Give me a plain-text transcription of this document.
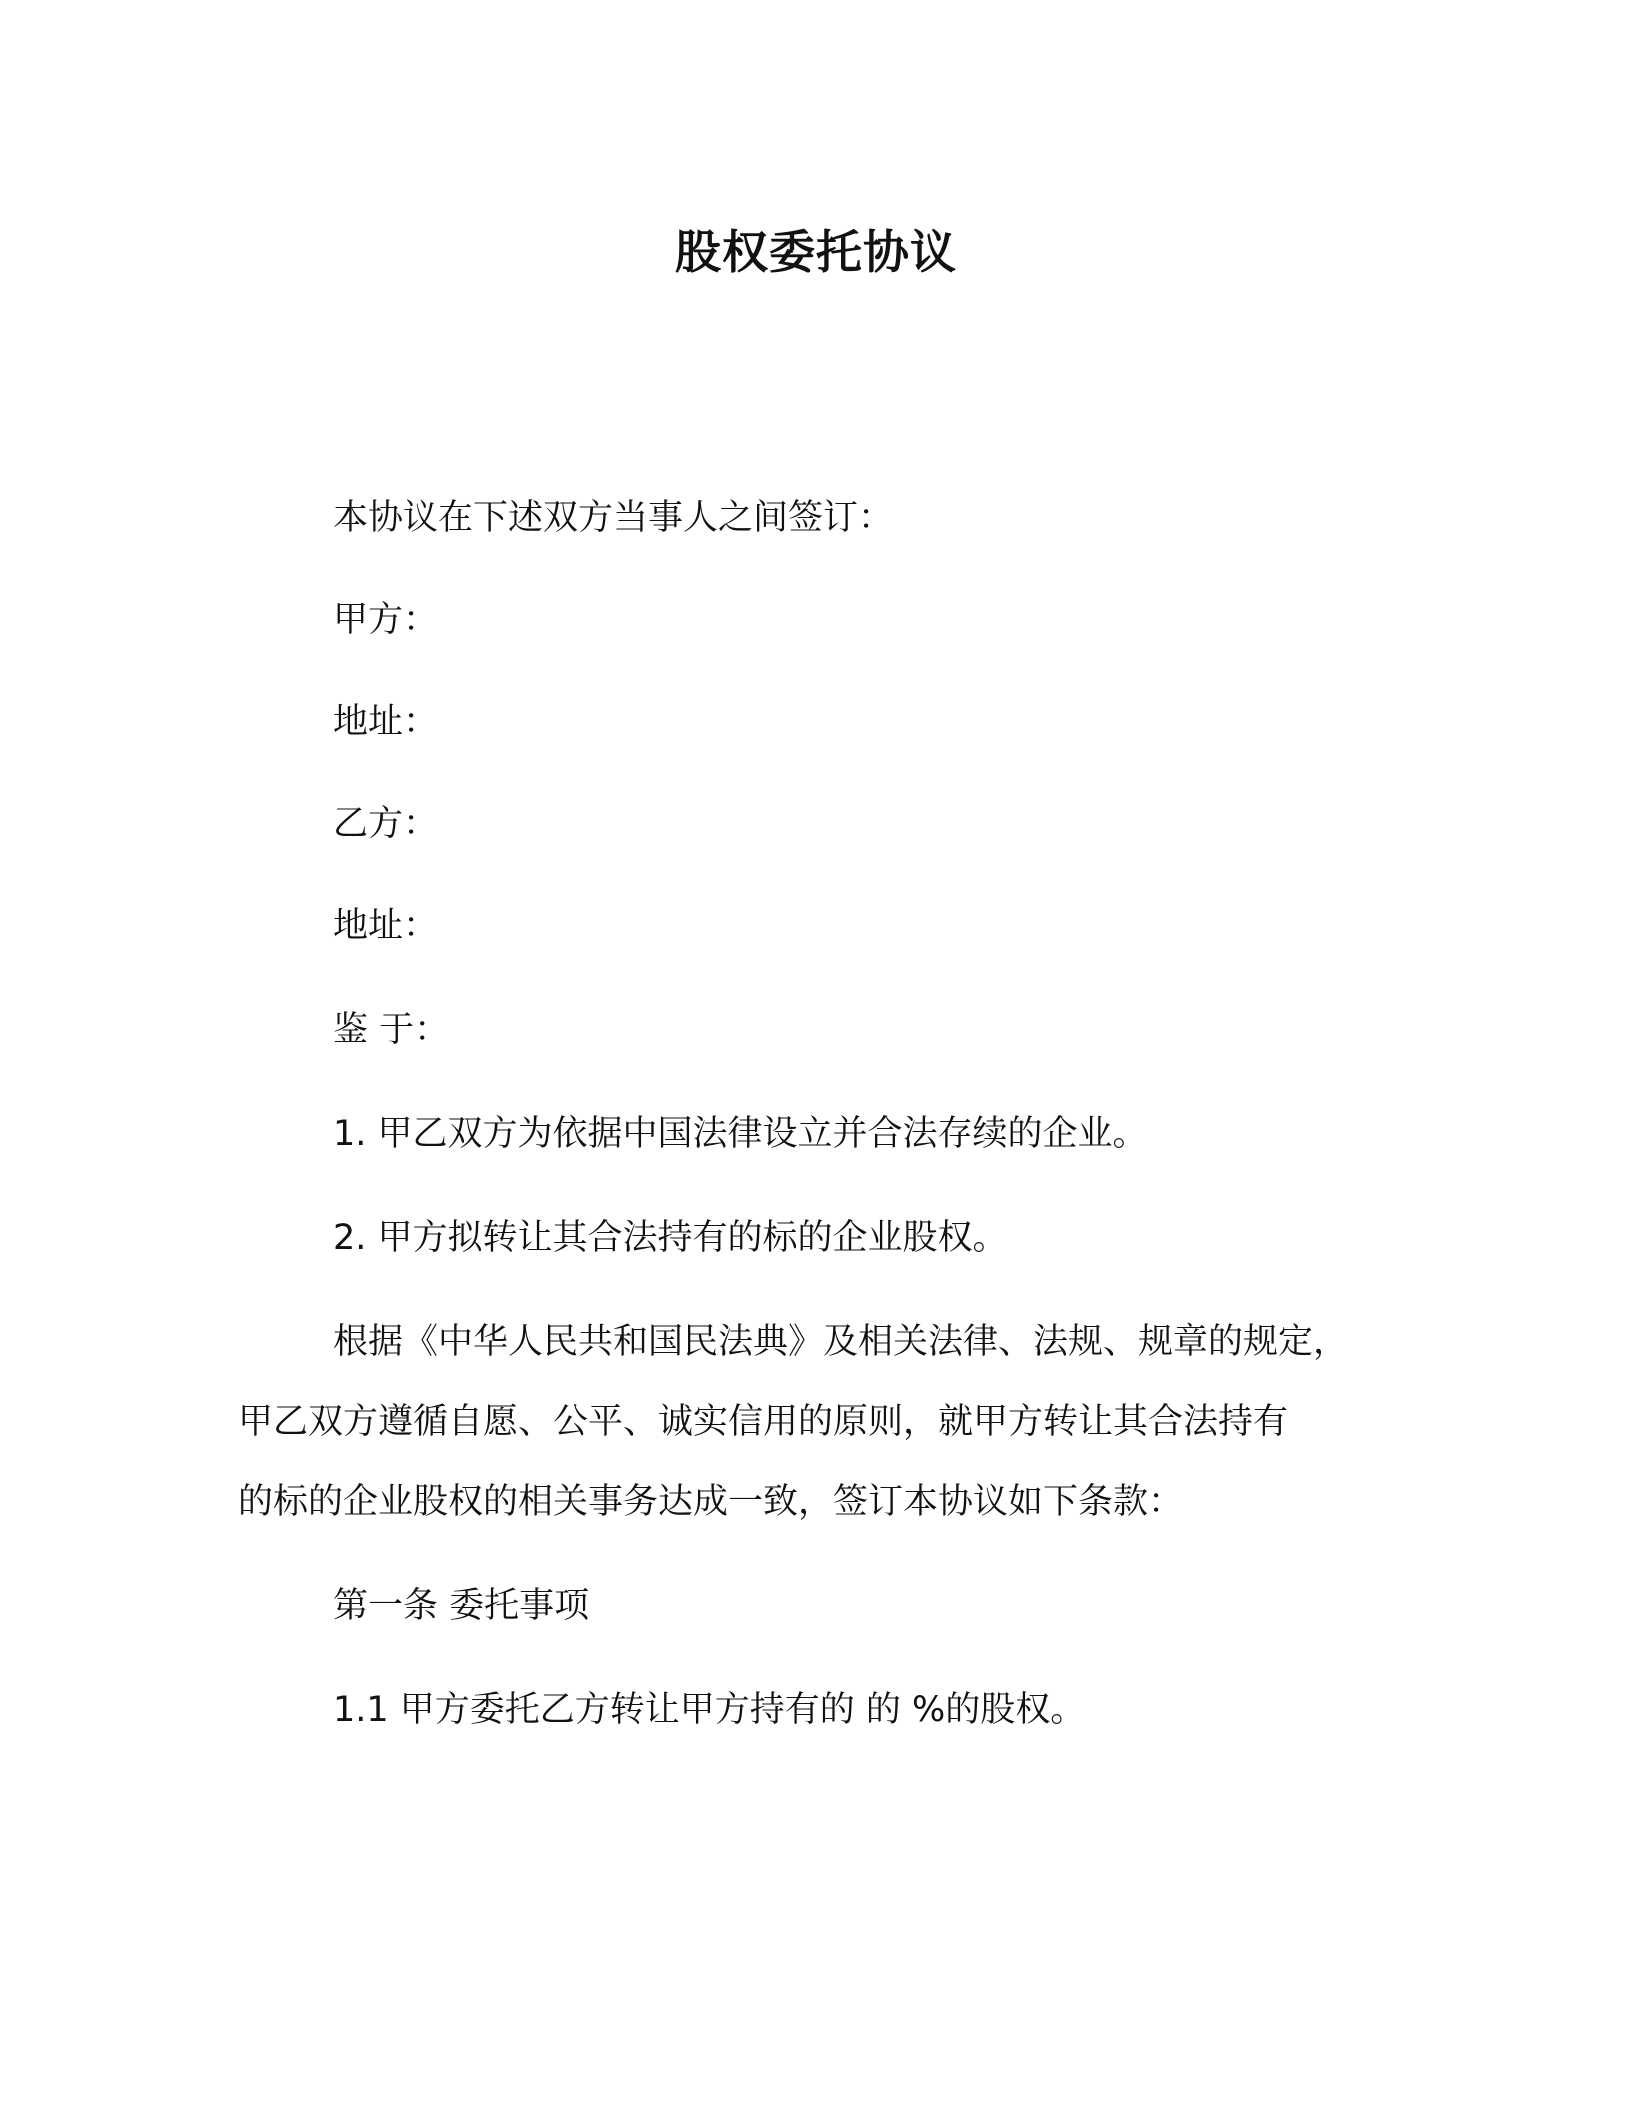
股权委托协议
本协议在下述双方当事人之间签订：
甲方：
地址：
乙方：
地址：
鉴 于：
1. 甲乙双方为依据中国法律设立并合法存续的企业。
2. 甲方拟转让其合法持有的标的企业股权。
根据《中华人民共和国民法典》及相关法律、法规、规章的规定，
甲乙双方遵循自愿、公平、诚实信用的原则，就甲方转让其合法持有
的标的企业股权的相关事务达成一致，签订本协议如下条款：
第一条 委托事项
1.1 甲方委托乙方转让甲方持有的 的 %的股权。
